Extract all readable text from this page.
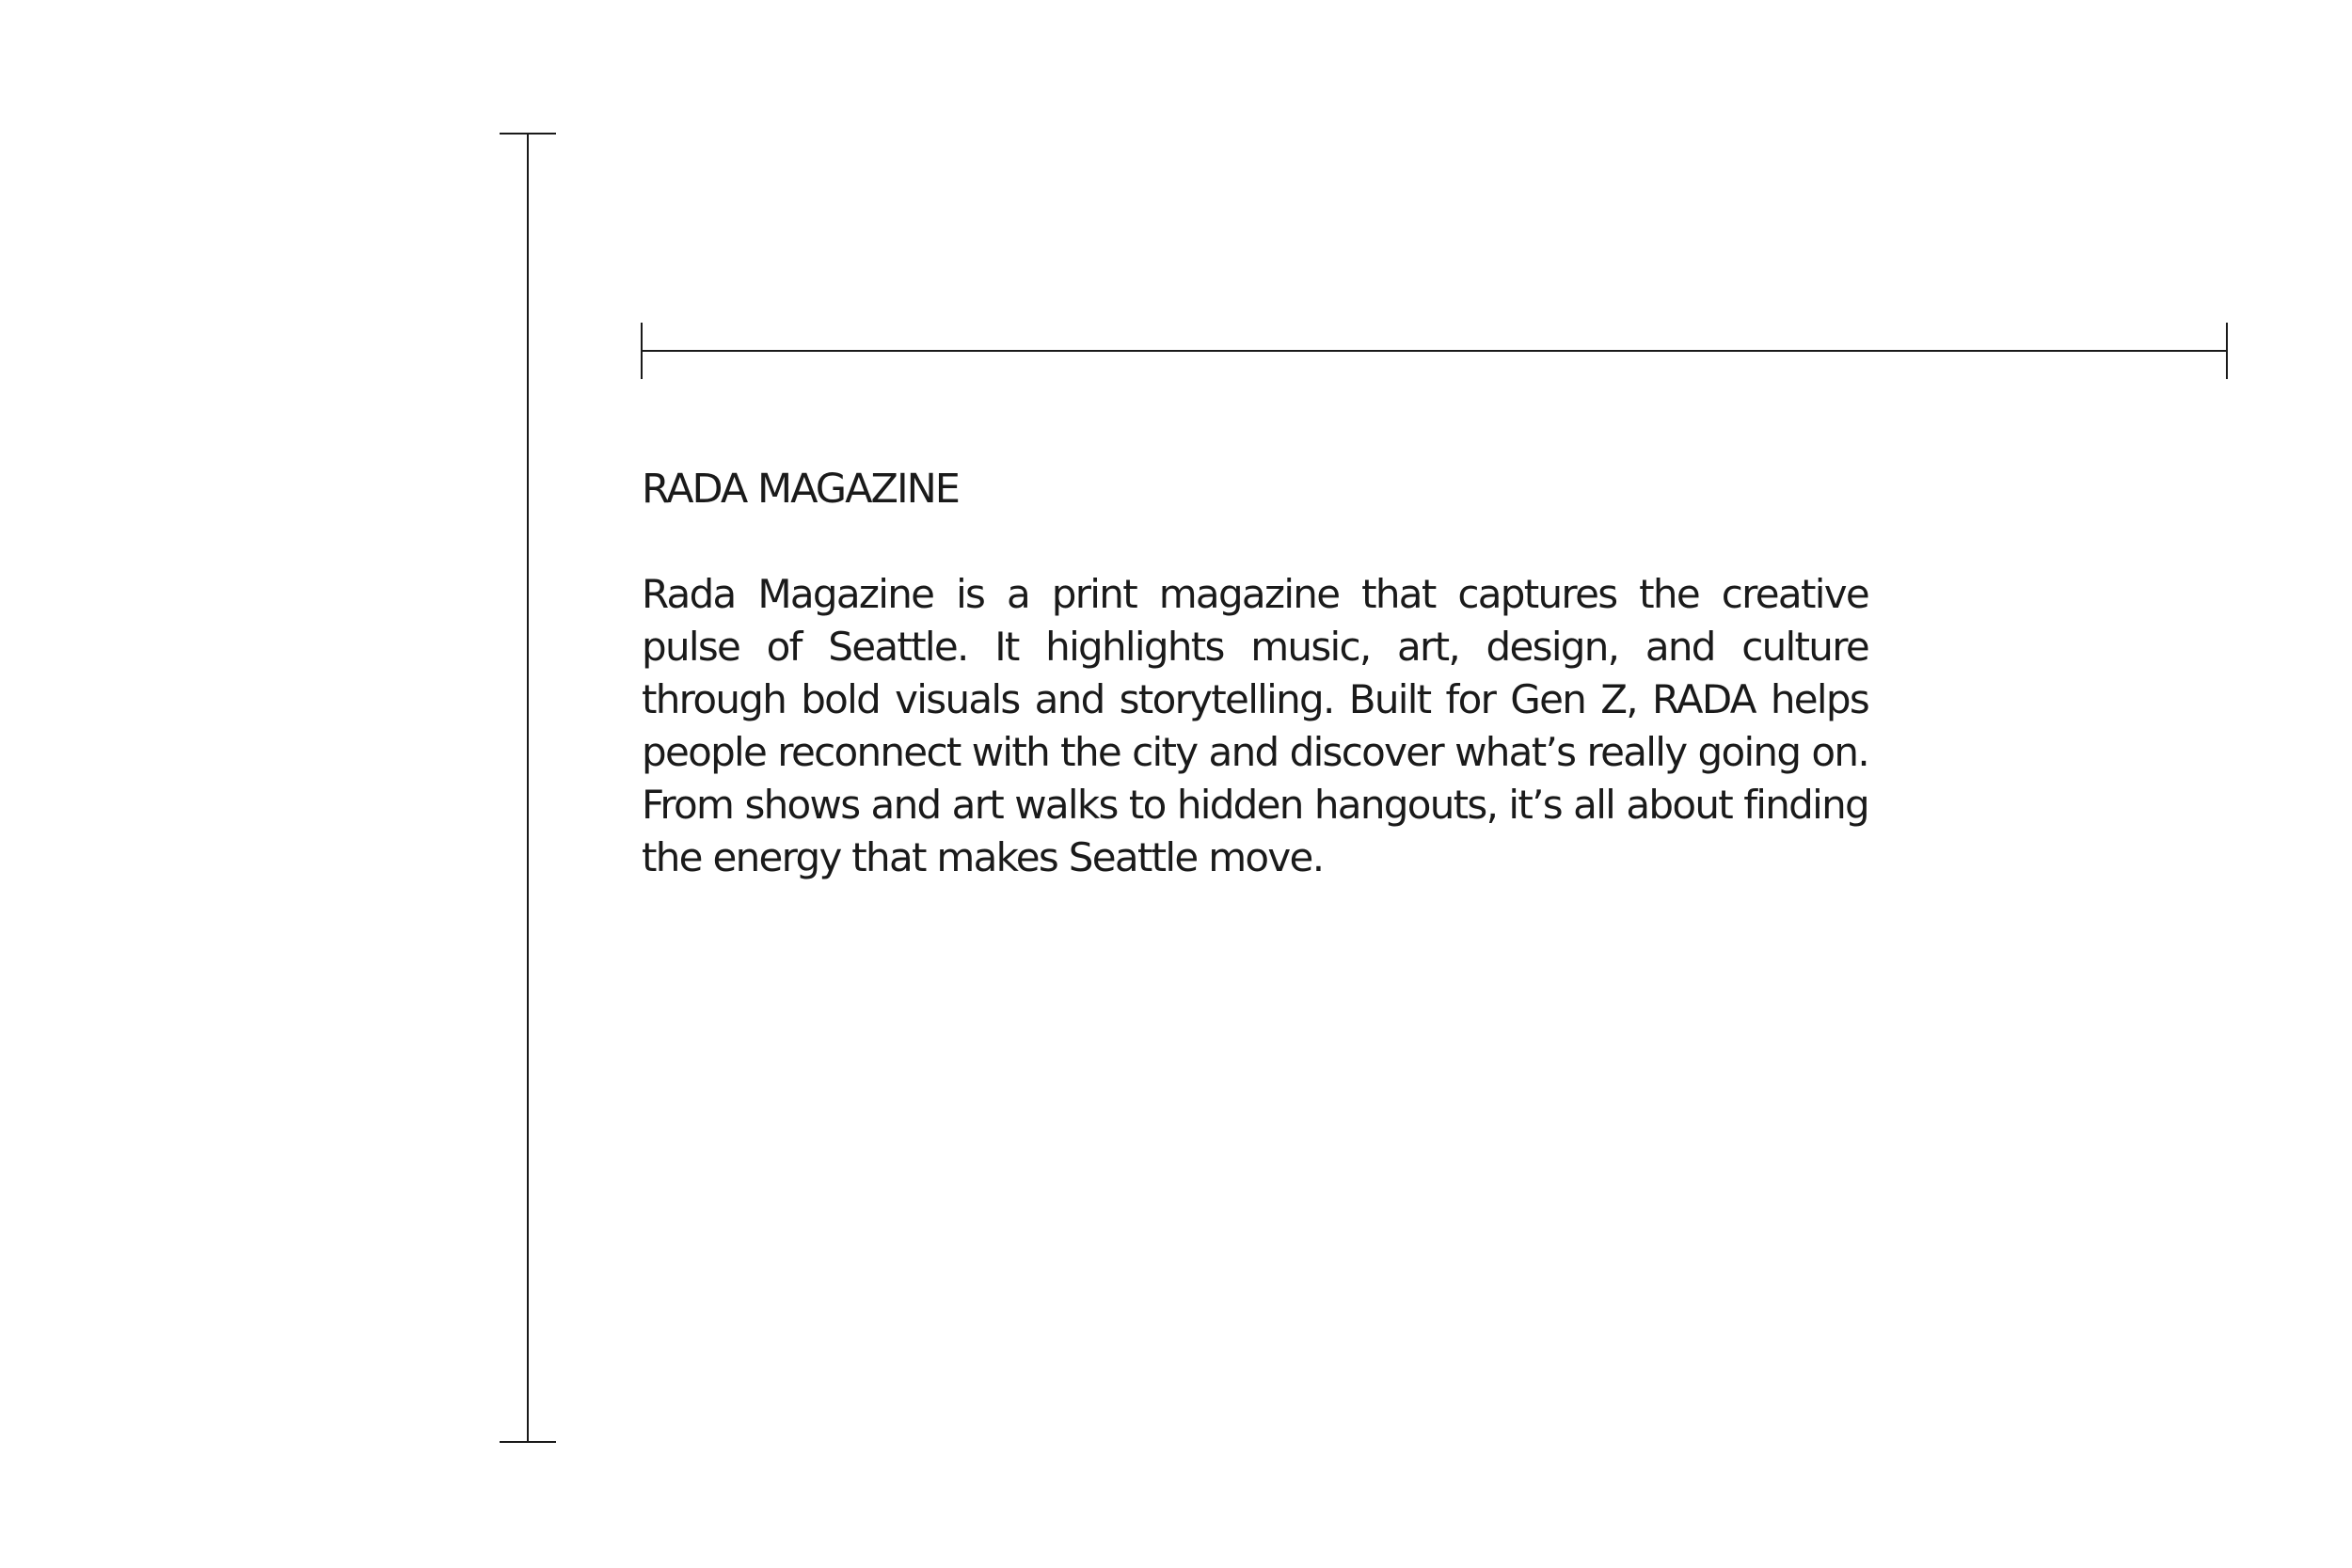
RADA MAGAZINE

Rada Magazine is a print magazine that captures the creative pulse of Seattle. It highlights music, art, design, and culture through bold visuals and storytelling. Built for Gen Z, RADA helps people reconnect with the city and discover what’s really going on. From shows and art walks to hidden hangouts, it’s all about finding the energy that makes Seattle move.
